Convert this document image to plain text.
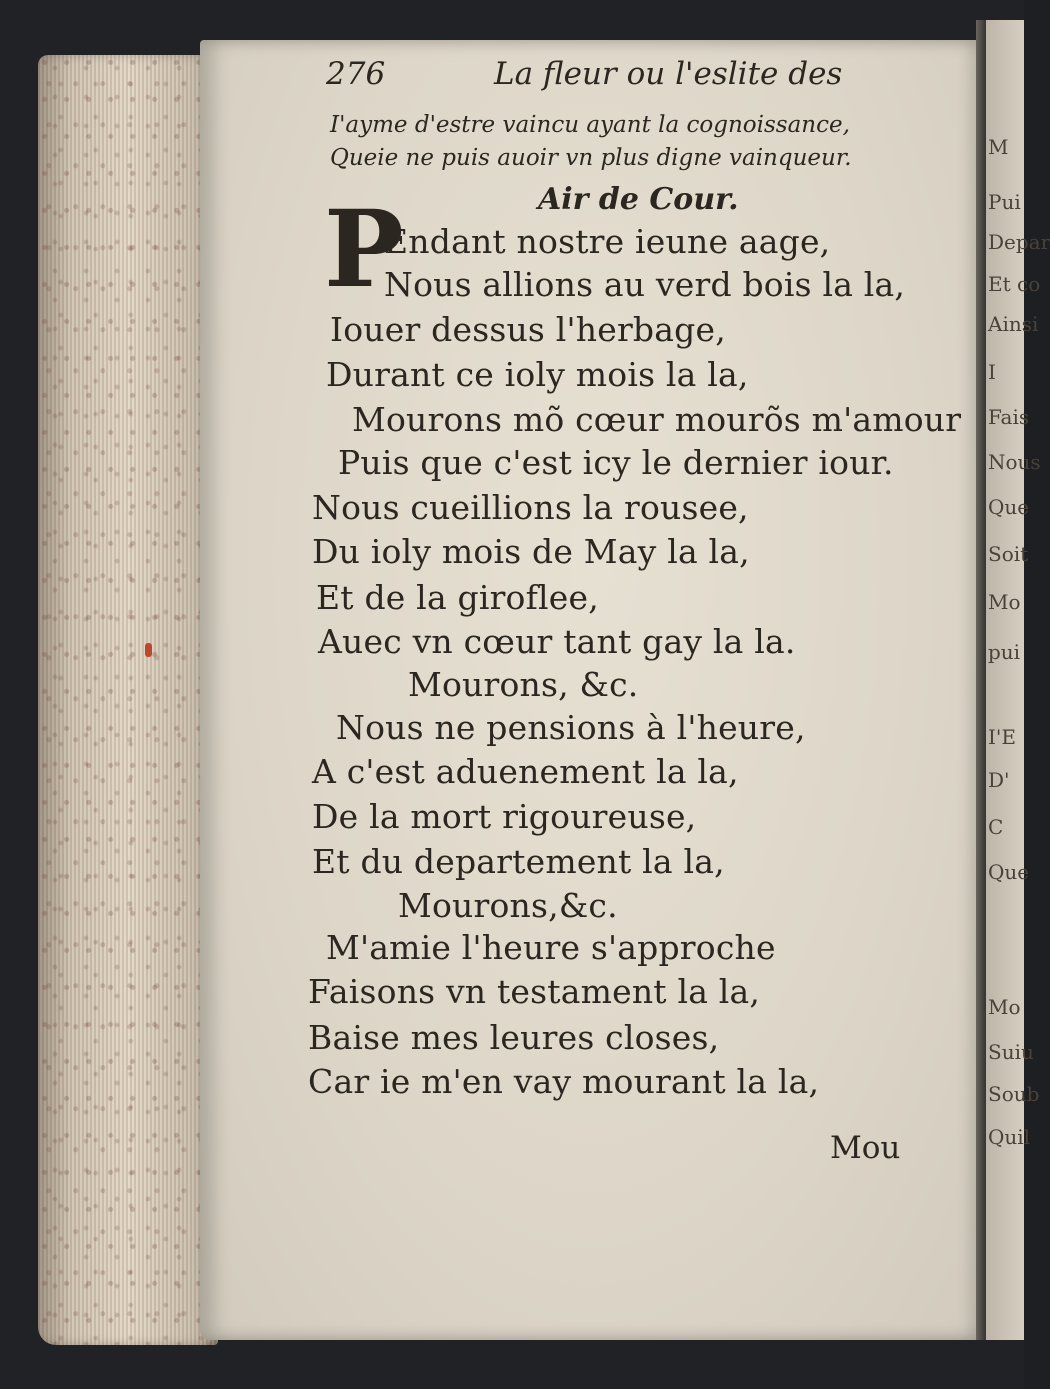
M
Pui
Depar
Et co
Ainsi
I
Fais
Nous
Que
Soit
Mo
pui
I'E
D'
C
Que
Mo
Suiu
Soub
Quil
276	La fleur ou l'eslite des
I'ayme d'estre vaincu ayant la cognoissance,
Queie ne puis auoir vn plus digne vainqueur.
Air de Cour.
P
Endant nostre ieune aage,
Nous allions au verd bois la la,
Iouer dessus l'herbage,
Durant ce ioly mois la la,
Mourons mõ cœur mourõs m'amour
Puis que c'est icy le dernier iour.
Nous cueillions la rousee,
Du ioly mois de May la la,
Et de la giroflee,
Auec vn cœur tant gay la la.
Mourons, &c.
Nous ne pensions à l'heure,
A c'est aduenement la la,
De la mort rigoureuse,
Et du departement la la,
Mourons,&c.
M'amie l'heure s'approche
Faisons vn testament la la,
Baise mes leures closes,
Car ie m'en vay mourant la la,
Mou
